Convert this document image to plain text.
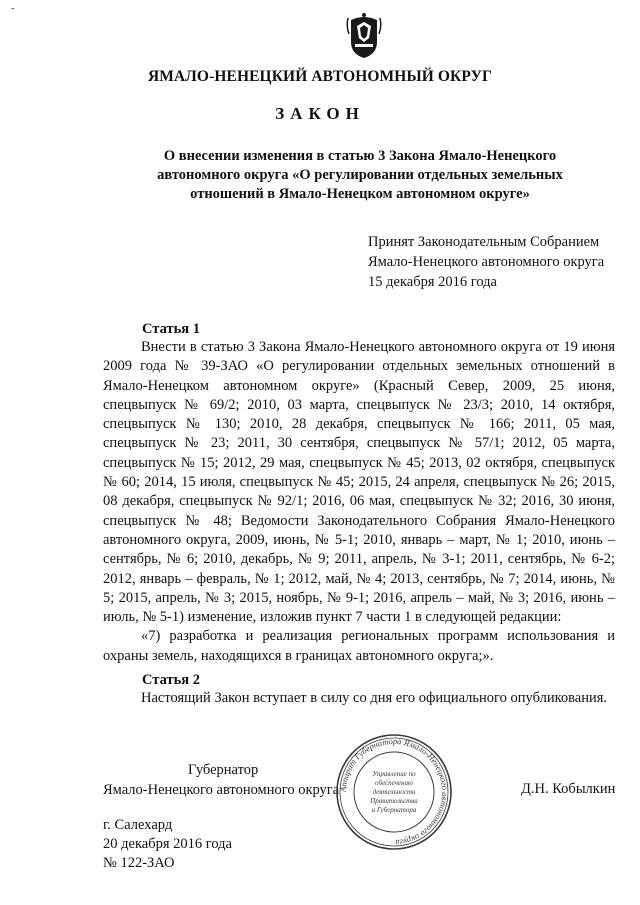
-
ЯМАЛО-НЕНЕЦКИЙ АВТОНОМНЫЙ ОКРУГ
ЗАКОН
О внесении изменения в статью 3 Закона Ямало-Ненецкого автономного округа «О регулировании отдельных земельных отношений в Ямало-Ненецком автономном округе»
Принят Законодательным Собранием
Ямало-Ненецкого автономного округа
15 декабря 2016 года
Статья 1

Внести в статью 3 Закона Ямало-Ненецкого автономного округа от 19 июня 2009 года № 39-ЗАО «О регулировании отдельных земельных отношений в Ямало-Ненецком автономном округе» (Красный Север, 2009, 25 июня, спецвыпуск № 69/2; 2010, 03 марта, спецвыпуск № 23/3; 2010, 14 октября, спецвыпуск № 130; 2010, 28 декабря, спецвыпуск № 166; 2011, 05 мая, спецвыпуск № 23; 2011, 30 сентября, спецвыпуск № 57/1; 2012, 05 марта, спецвыпуск № 15; 2012, 29 мая, спецвыпуск № 45; 2013, 02 октября, спецвыпуск № 60; 2014, 15 июля, спецвыпуск № 45; 2015, 24 апреля, спецвыпуск № 26; 2015, 08 декабря, спецвыпуск № 92/1; 2016, 06 мая, спецвыпуск № 32; 2016, 30 июня, спецвыпуск № 48; Ведомости Законодательного Собрания Ямало-Ненецкого автономного округа, 2009, июнь, № 5-1; 2010, январь – март, № 1; 2010, июнь – сентябрь, № 6; 2010, декабрь, № 9; 2011, апрель, № 3-1; 2011, сентябрь, № 6-2; 2012, январь – февраль, № 1; 2012, май, № 4; 2013, сентябрь, № 7; 2014, июнь, № 5; 2015, апрель, № 3; 2015, ноябрь, № 9-1; 2016, апрель – май, № 3; 2016, июнь – июль, № 5-1) изменение, изложив пункт 7 части 1 в следующей редакции:

«7) разработка и реализация региональных программ использования и охраны земель, находящихся в границах автономного округа;».

Статья 2

Настоящий Закон вступает в силу со дня его официального опубликования.

Губернатор
Ямало-Ненецкого автономного округа	Д.Н. Кобылкин
г. Салехард
20 декабря 2016 года
№ 122-ЗАО
Аппарат Губернатора Ямало-Ненецкого автономного округа
Управление по
обеспечению
деятельности
Правительства
и Губернатора
